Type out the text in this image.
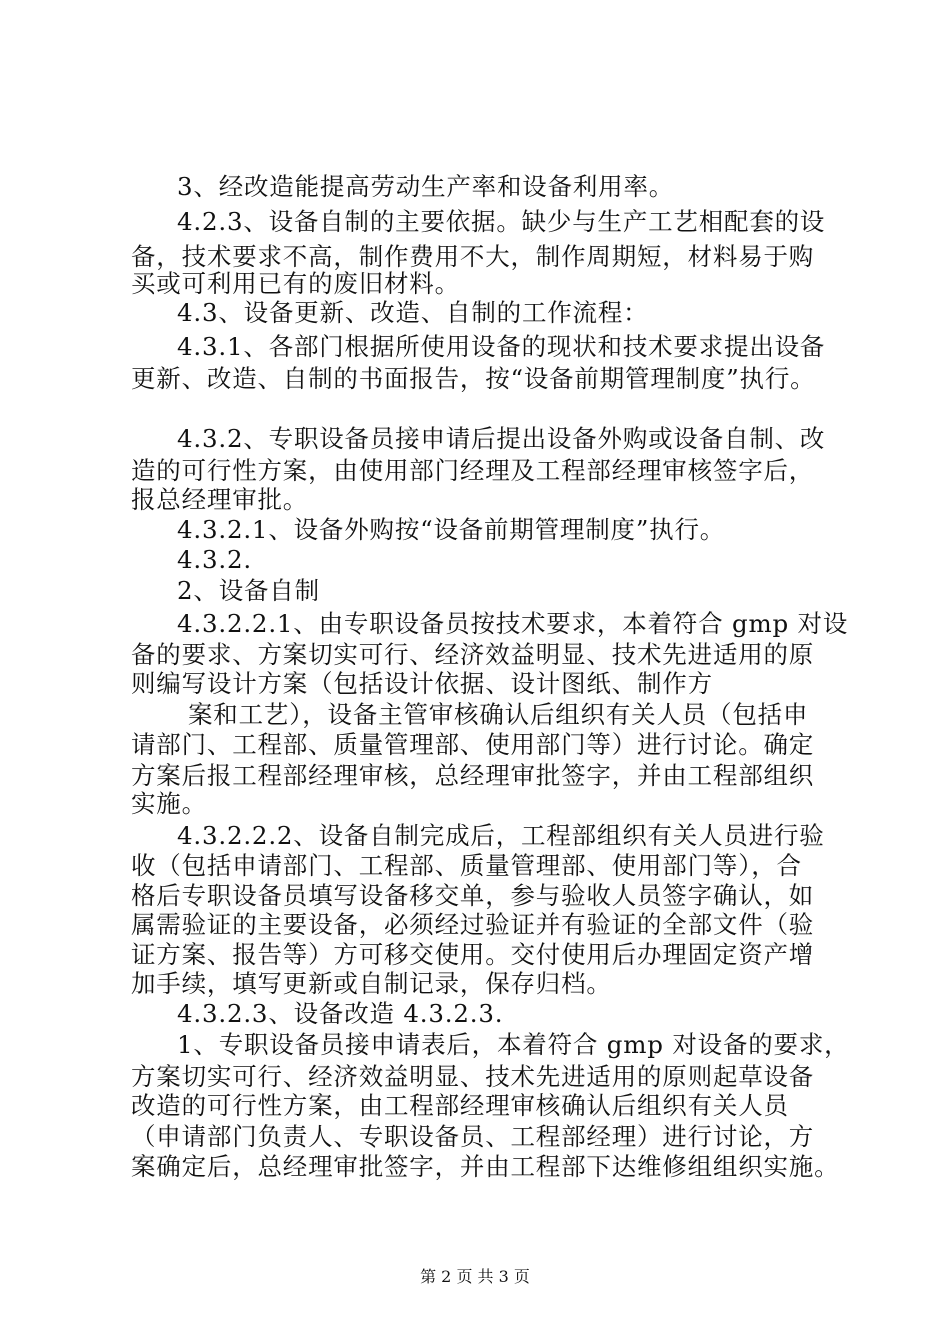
3、经改造能提高劳动生产率和设备利用率。
4.2.3、设备自制的主要依据。缺少与生产工艺相配套的设
备，技术要求不高，制作费用不大，制作周期短，材料易于购
买或可利用已有的废旧材料。
4.3、设备更新、改造、自制的工作流程：
4.3.1、各部门根据所使用设备的现状和技术要求提出设备
更新、改造、自制的书面报告，按“设备前期管理制度”执行。
4.3.2、专职设备员接申请后提出设备外购或设备自制、改
造的可行性方案，由使用部门经理及工程部经理审核签字后，
报总经理审批。
4.3.2.1、设备外购按“设备前期管理制度”执行。
4.3.2.
2、设备自制
4.3.2.2.1、由专职设备员按技术要求，本着符合 gmp 对设
备的要求、方案切实可行、经济效益明显、技术先进适用的原
则编写设计方案（包括设计依据、设计图纸、制作方
案和工艺），设备主管审核确认后组织有关人员（包括申
请部门、工程部、质量管理部、使用部门等）进行讨论。确定
方案后报工程部经理审核，总经理审批签字，并由工程部组织
实施。
4.3.2.2.2、设备自制完成后，工程部组织有关人员进行验
收（包括申请部门、工程部、质量管理部、使用部门等），合
格后专职设备员填写设备移交单，参与验收人员签字确认，如
属需验证的主要设备，必须经过验证并有验证的全部文件（验
证方案、报告等）方可移交使用。交付使用后办理固定资产增
加手续，填写更新或自制记录，保存归档。
4.3.2.3、设备改造 4.3.2.3.
1、专职设备员接申请表后，本着符合 gmp 对设备的要求，
方案切实可行、经济效益明显、技术先进适用的原则起草设备
改造的可行性方案，由工程部经理审核确认后组织有关人员
（申请部门负责人、专职设备员、工程部经理）进行讨论，方
案确定后，总经理审批签字，并由工程部下达维修组组织实施。
第 2 页 共 3 页
